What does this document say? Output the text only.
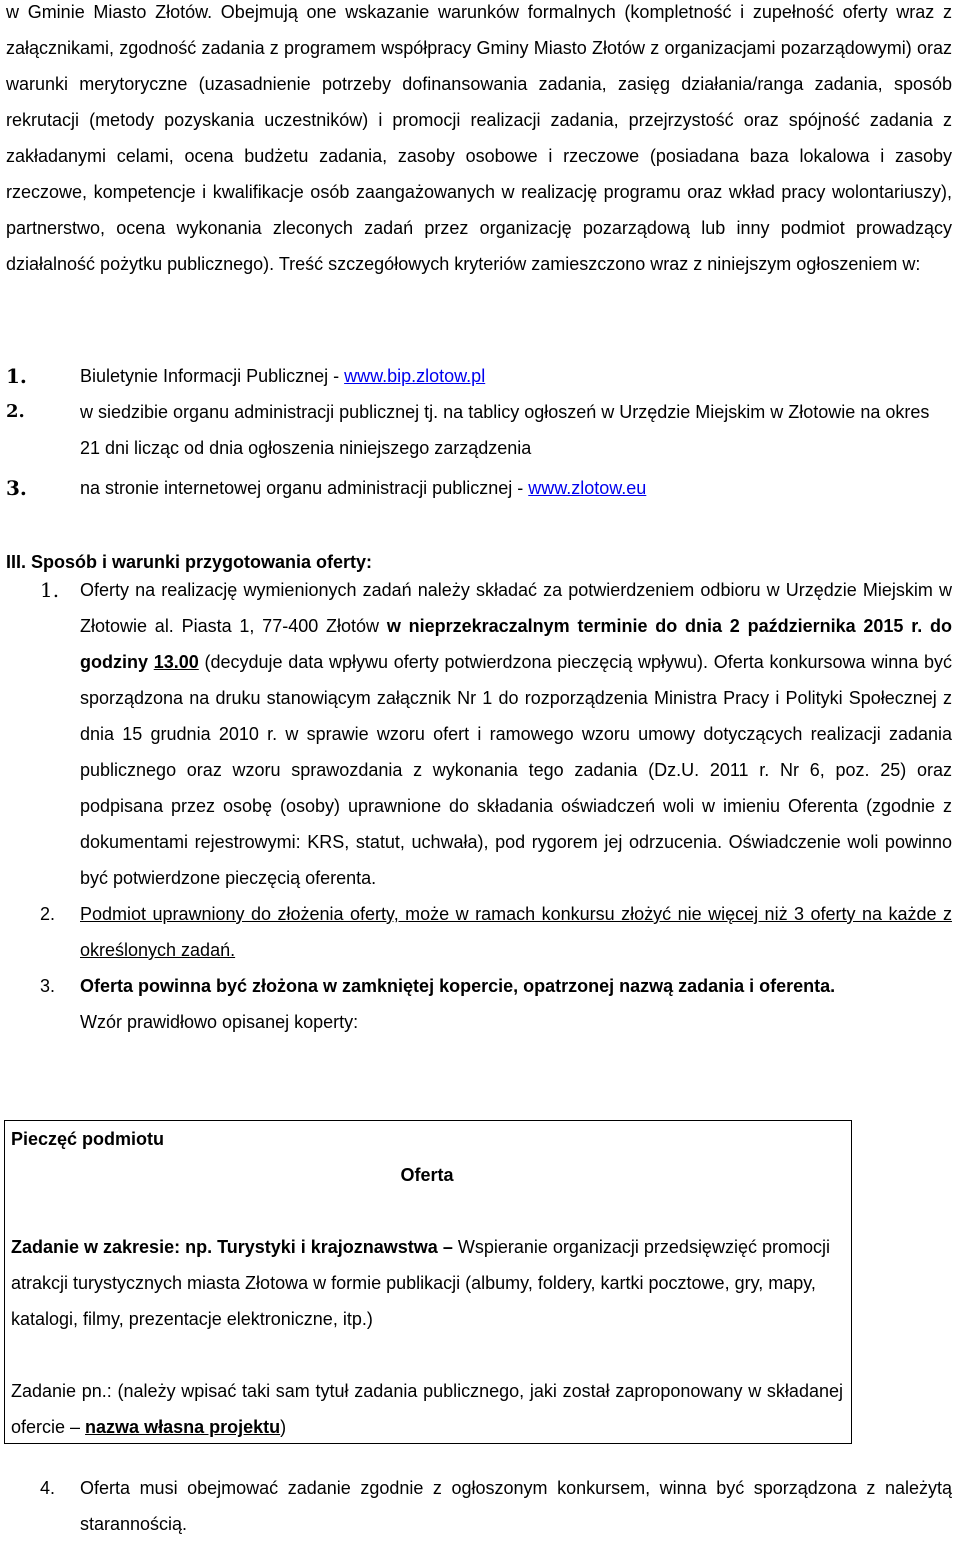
w Gminie Miasto Złotów. Obejmują one wskazanie warunków formalnych (kompletność i zupełność oferty wraz z załącznikami, zgodność zadania z programem współpracy Gminy Miasto Złotów z organizacjami pozarządowymi) oraz warunki merytoryczne (uzasadnienie potrzeby dofinansowania zadania, zasięg działania/ranga zadania, sposób rekrutacji (metody pozyskania uczestników) i promocji realizacji zadania, przejrzystość oraz spójność zadania z zakładanymi celami, ocena budżetu zadania, zasoby osobowe i rzeczowe (posiadana baza lokalowa i zasoby rzeczowe, kompetencje i kwalifikacje osób zaangażowanych w realizację programu oraz wkład pracy wolontariuszy), partnerstwo, ocena wykonania zleconych zadań przez organizację pozarządową lub inny podmiot prowadzący działalność pożytku publicznego). Treść szczegółowych kryteriów zamieszczono wraz z niniejszym ogłoszeniem w:

1.	Biuletynie Informacji Publicznej - www.bip.zlotow.pl
2.	w siedzibie organu administracji publicznej tj. na tablicy ogłoszeń w Urzędzie Miejskim w Złotowie na okres 21 dni licząc od dnia ogłoszenia niniejszego zarządzenia
3.	na stronie internetowej organu administracji publicznej - www.zlotow.eu
III. Sposób i warunki przygotowania oferty:
1.	Oferty na realizację wymienionych zadań należy składać za potwierdzeniem odbioru w Urzędzie Miejskim w Złotowie al. Piasta 1, 77-400 Złotów w nieprzekraczalnym terminie do dnia 2 października 2015 r. do godziny 13.00 (decyduje data wpływu oferty potwierdzona pieczęcią wpływu). Oferta konkursowa winna być sporządzona na druku stanowiącym załącznik Nr 1 do rozporządzenia Ministra Pracy i Polityki Społecznej z dnia 15 grudnia 2010 r. w sprawie wzoru ofert i ramowego wzoru umowy dotyczących realizacji zadania publicznego oraz wzoru sprawozdania z wykonania tego zadania (Dz.U. 2011 r. Nr 6, poz. 25) oraz podpisana przez osobę (osoby) uprawnione do składania oświadczeń woli w imieniu Oferenta (zgodnie z dokumentami rejestrowymi: KRS, statut, uchwała), pod rygorem jej odrzucenia. Oświadczenie woli powinno być potwierdzone pieczęcią oferenta.
2.	Podmiot uprawniony do złożenia oferty, może w ramach konkursu złożyć nie więcej niż 3 oferty na każde z określonych zadań.
3.	Oferta powinna być złożona w zamkniętej kopercie, opatrzonej nazwą zadania i oferenta.
Wzór prawidłowo opisanej koperty:
Pieczęć podmiotu
Oferta
Zadanie w zakresie: np. Turystyki i krajoznawstwa – Wspieranie organizacji przedsięwzięć promocji atrakcji turystycznych miasta Złotowa w formie publikacji (albumy, foldery, kartki pocztowe, gry, mapy, katalogi, filmy, prezentacje elektroniczne, itp.)
Zadanie pn.: (należy wpisać taki sam tytuł zadania publicznego, jaki został zaproponowany w składanej ofercie – nazwa własna projektu)
4.	Oferta musi obejmować zadanie zgodnie z ogłoszonym konkursem, winna być sporządzona z należytą starannością.
